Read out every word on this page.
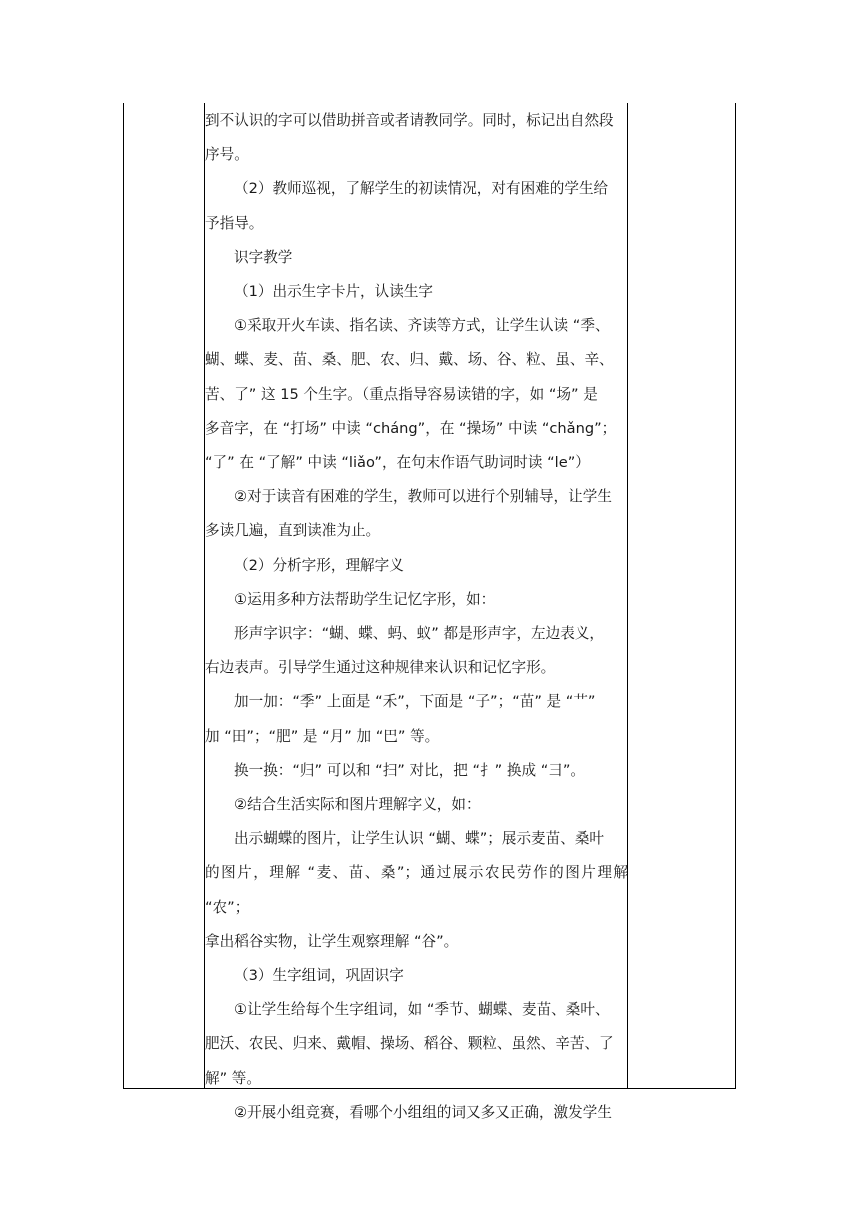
到不认识的字可以借助拼音或者请教同学。同时，标记出自然段

序号。

（2）教师巡视，了解学生的初读情况，对有困难的学生给

予指导。

识字教学

（1）出示生字卡片，认读生字

①采取开火车读、指名读、齐读等方式，让学生认读 “季、

蝴、蝶、麦、苗、桑、肥、农、归、戴、场、谷、粒、虽、辛、

苦、了” 这 15 个生字。（重点指导容易读错的字，如 “场” 是

多音字，在 “打场” 中读 “cháng”，在 “操场” 中读 “chǎng”；

“了” 在 “了解” 中读 “liǎo”，在句末作语气助词时读 “le”）

②对于读音有困难的学生，教师可以进行个别辅导，让学生

多读几遍，直到读准为止。

（2）分析字形，理解字义

①运用多种方法帮助学生记忆字形，如：

形声字识字：“蝴、蝶、蚂、蚁” 都是形声字，左边表义，

右边表声。引导学生通过这种规律来认识和记忆字形。

加一加：“季” 上面是 “禾”，下面是 “子”；“苗” 是 “艹”

加 “田”；“肥” 是 “月” 加 “巴” 等。

换一换：“归” 可以和 “扫” 对比，把 “扌” 换成 “彐”。

②结合生活实际和图片理解字义，如：

出示蝴蝶的图片，让学生认识 “蝴、蝶”；展示麦苗、桑叶

的图片，理解 “麦、苗、桑”；通过展示农民劳作的图片理解 “农”；

拿出稻谷实物，让学生观察理解 “谷”。

（3）生字组词，巩固识字

①让学生给每个生字组词，如 “季节、蝴蝶、麦苗、桑叶、

肥沃、农民、归来、戴帽、操场、稻谷、颗粒、虽然、辛苦、了

解” 等。

②开展小组竞赛，看哪个小组组的词又多又正确，激发学生
